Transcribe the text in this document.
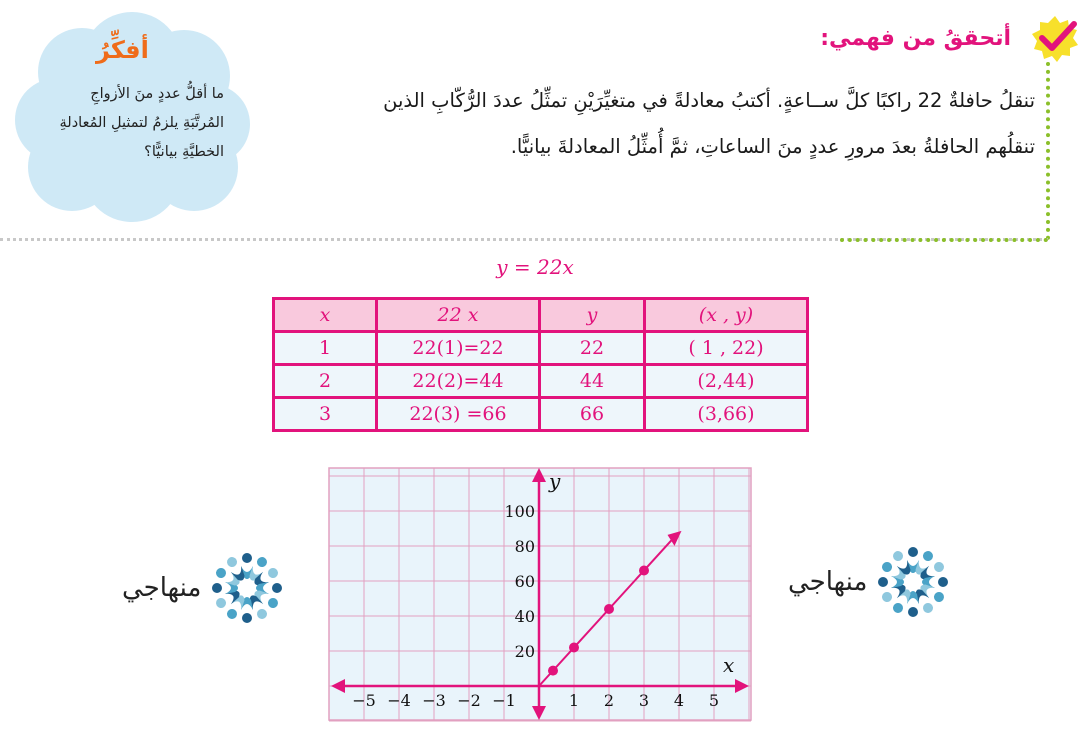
أتحققُ من فهمي:
تنقلُ حافلةٌ 22 راكبًا كلَّ ســاعةٍ. أكتبُ معادلةً في متغيِّرَيْنِ تمثِّلُ عددَ الرُّكّابِ الذين
تنقلُهم الحافلةُ بعدَ مرورِ عددٍ منَ الساعاتِ، ثمَّ أُمثِّلُ المعادلةَ بيانيًّا.
أفكِّرُ
ما أقلُّ عددٍ منَ الأزواجِ
المُرتَّبَةِ يلزمُ لتمثيلِ المُعادلةِ
الخطيَّةِ بيانيًّا؟
y = 22x
x	22 x	y	(x , y)
1	22(1)=22	22	( 1 , 22)
2	22(2)=44	44	(2,44)
3	22(3) =66	66	(3,66)
−5 −4 −3 −2 −1	1 2 3 4 5
20
40
60
80
100
x
y
منهاجي	منهاجي
